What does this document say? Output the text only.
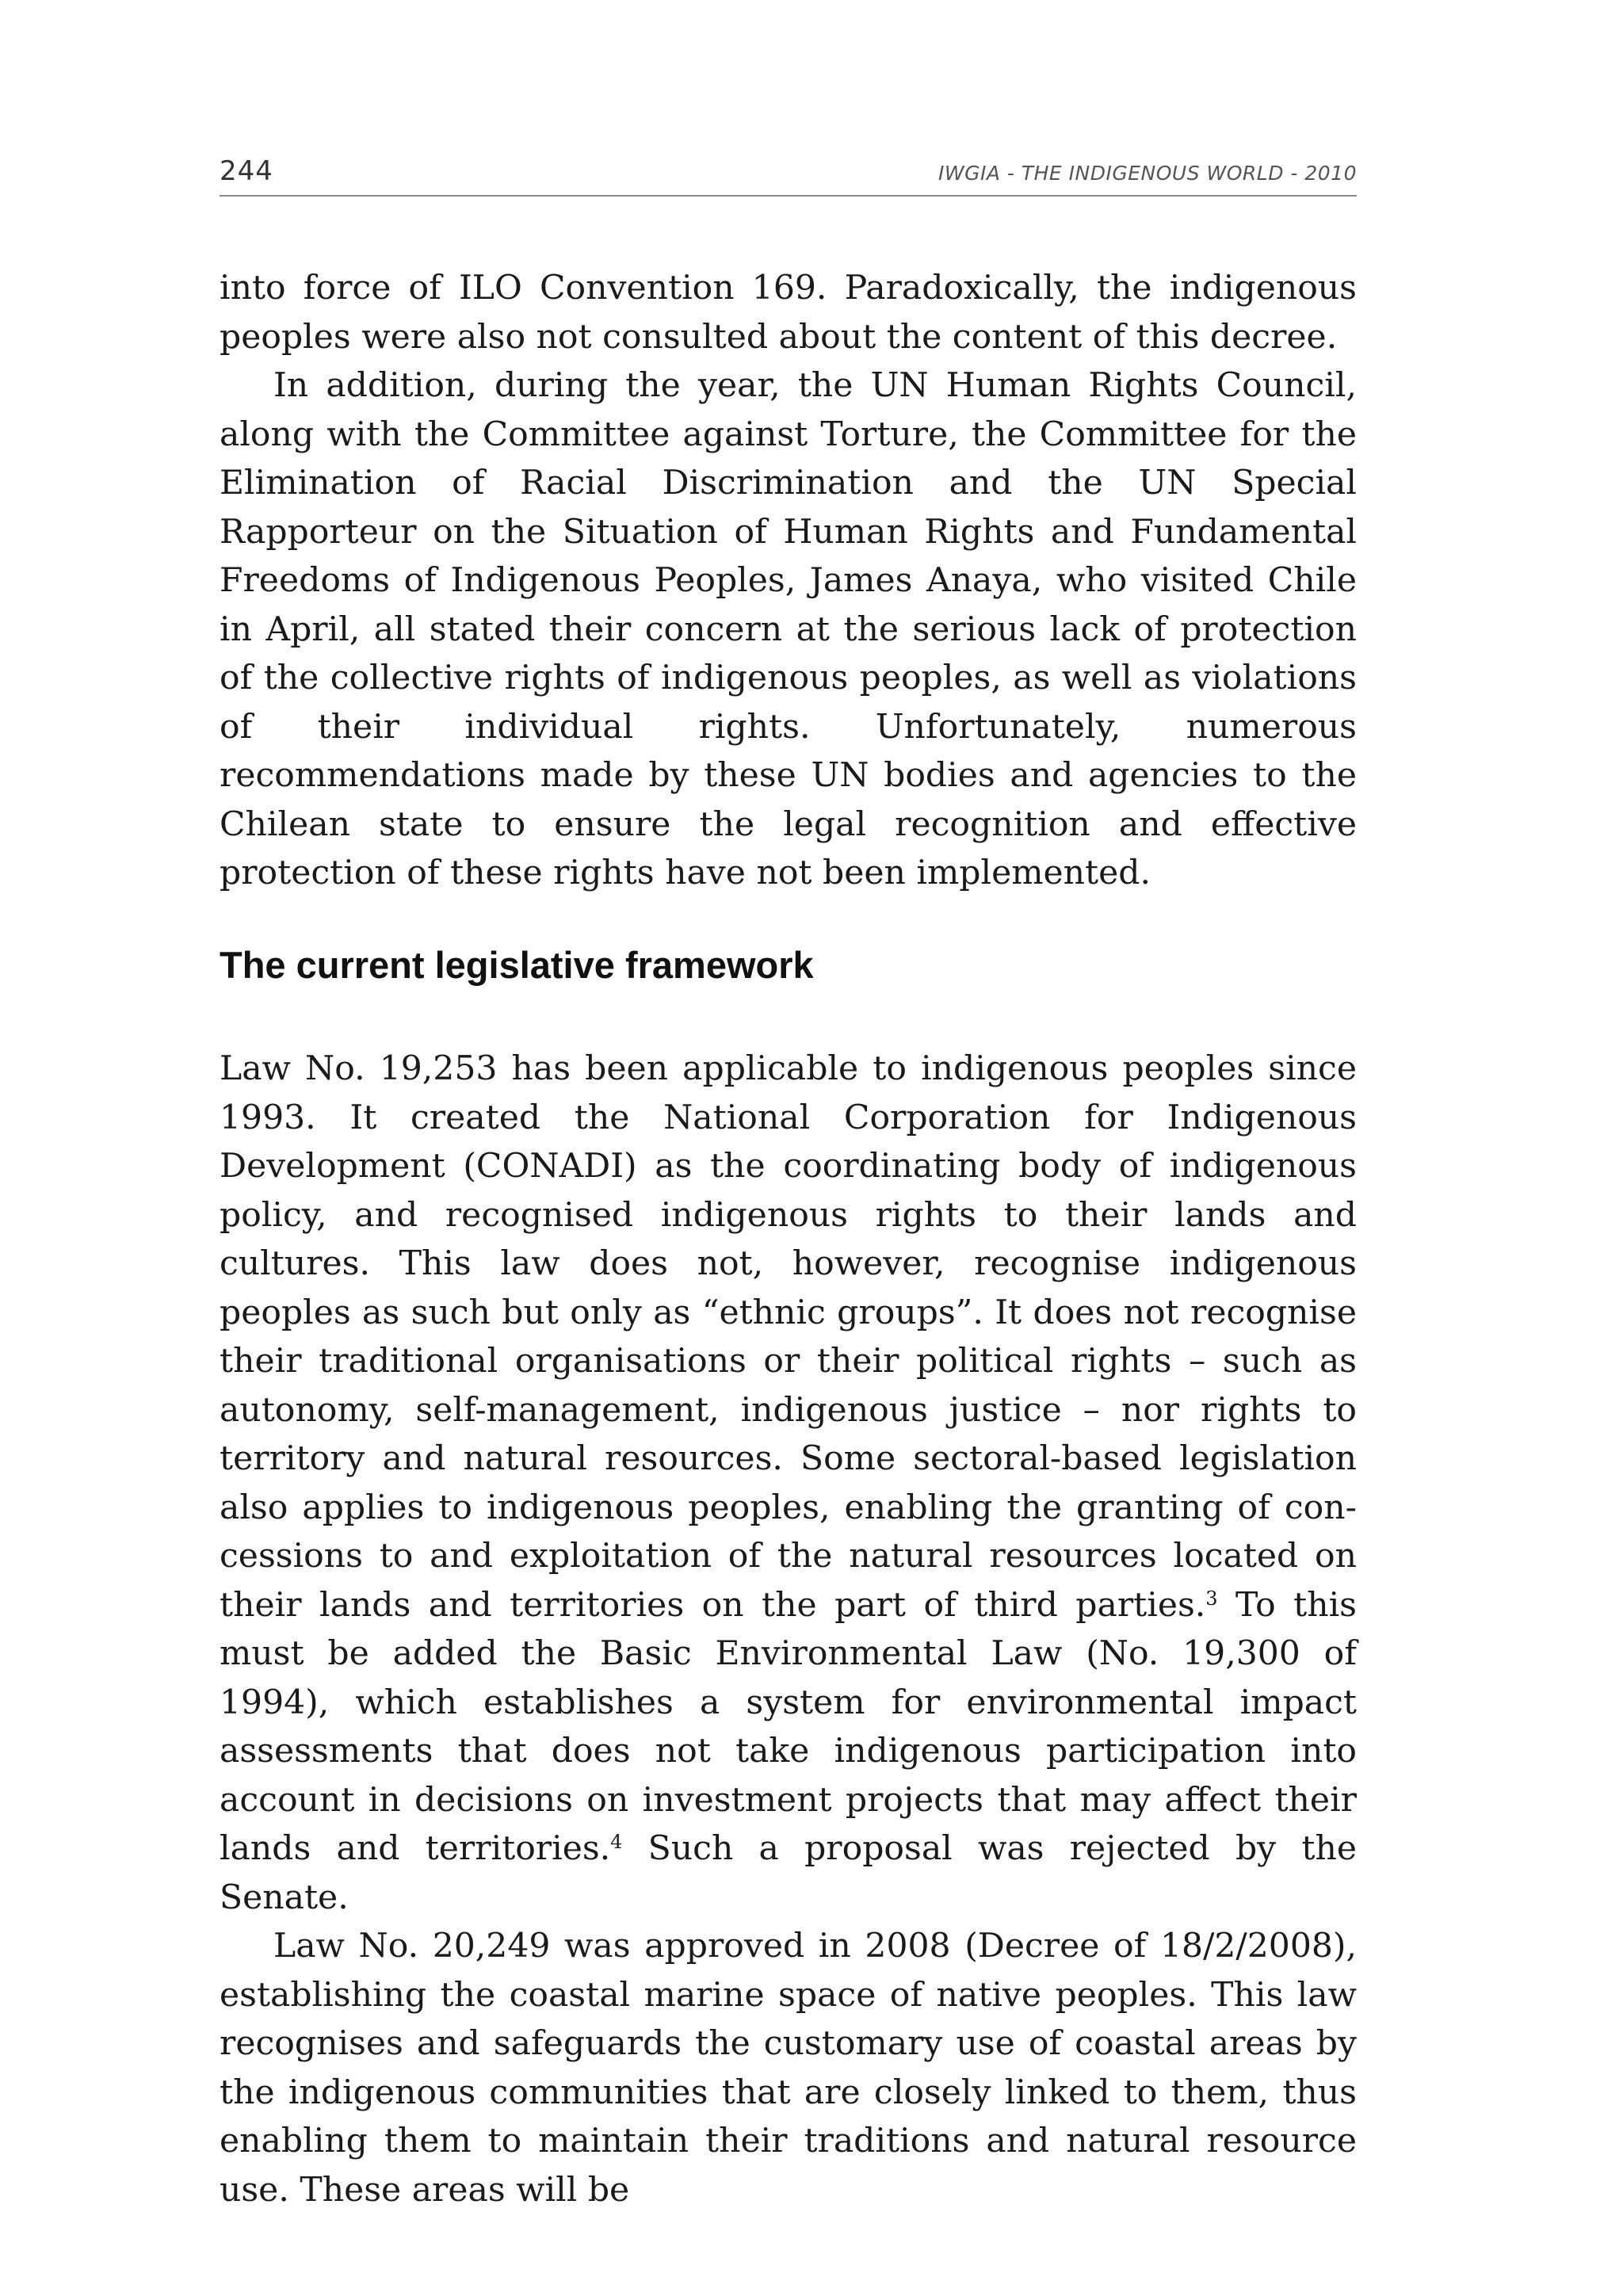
244	IWGIA - THE INDIGENOUS WORLD - 2010

into force of ILO Convention 169. Paradoxically, the indigenous peoples were also not consulted about the content of this decree.

In addition, during the year, the UN Human Rights Council, along with the Committee against Torture, the Committee for the Elimination of Racial Discrimination and the UN Special Rapporteur on the Situation of Human Rights and Fundamental Freedoms of Indigenous Peoples, James Anaya, who visited Chile in April, all stated their concern at the serious lack of protection of the collective rights of indigenous peoples, as well as violations of their individual rights. Unfortunately, numerous recommendations made by these UN bodies and agencies to the Chilean state to ensure the legal recognition and effective protection of these rights have not been implemented.

The current legislative framework

Law No. 19,253 has been applicable to indigenous peoples since 1993. It created the National Corporation for Indigenous Development (CONADI) as the coordinating body of indigenous policy, and recognised indigenous rights to their lands and cultures. This law does not, however, recognise indigenous peoples as such but only as “ethnic groups”. It does not recognise their traditional organisations or their political rights – such as autonomy, self-management, indigenous justice – nor rights to territory and natural resources. Some sectoral-based legislation also applies to indigenous peoples, enabling the granting of concessions to and exploitation of the natural resources located on their lands and territories on the part of third parties.$^3$ To this must be added the Basic Environmental Law (No. 19,300 of 1994), which establishes a system for environmental impact assessments that does not take indigenous participation into account in decisions on investment projects that may affect their lands and territories.$^4$ Such a proposal was rejected by the Senate.

Law No. 20,249 was approved in 2008 (Decree of 18/2/2008), establishing the coastal marine space of native peoples. This law recognises and safeguards the customary use of coastal areas by the indigenous communities that are closely linked to them, thus enabling them to maintain their traditions and natural resource use. These areas will be
